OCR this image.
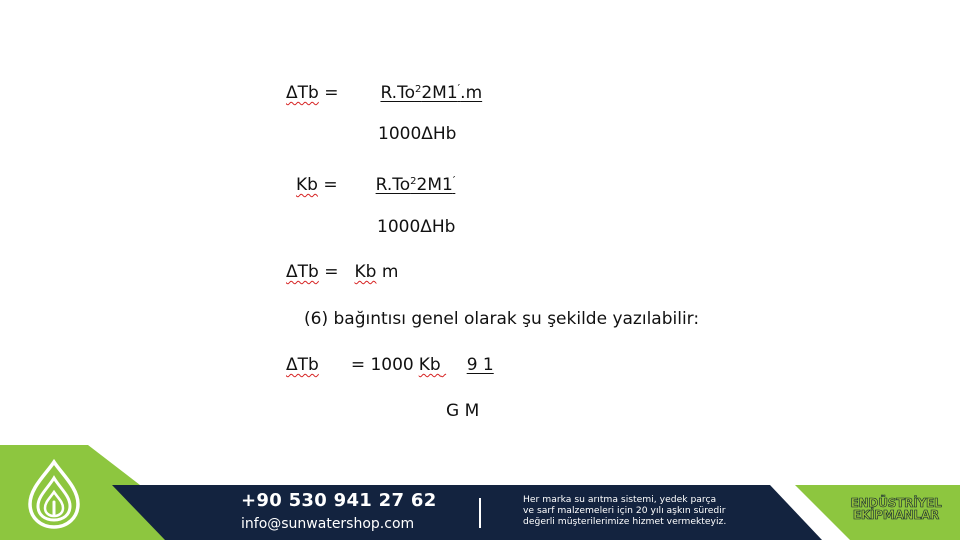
$\Delta Tb = R.To^22M1'.m$
1000ΔHb
$Kb = R.To^22M1'$
1000ΔHb
ΔTb = Kb m
(6) bağıntısı genel olarak şu şekilde yazılabilir:
ΔTb = 1000 Kb 9 1
G M
+90 530 941 27 62
info@sunwatershop.com
Her marka su arıtma sistemi, yedek parça
ve sarf malzemeleri için 20 yılı aşkın süredir
değerli müşterilerimize hizmet vermekteyiz.
ENDÜSTRİYEL
EKİPMANLAR
